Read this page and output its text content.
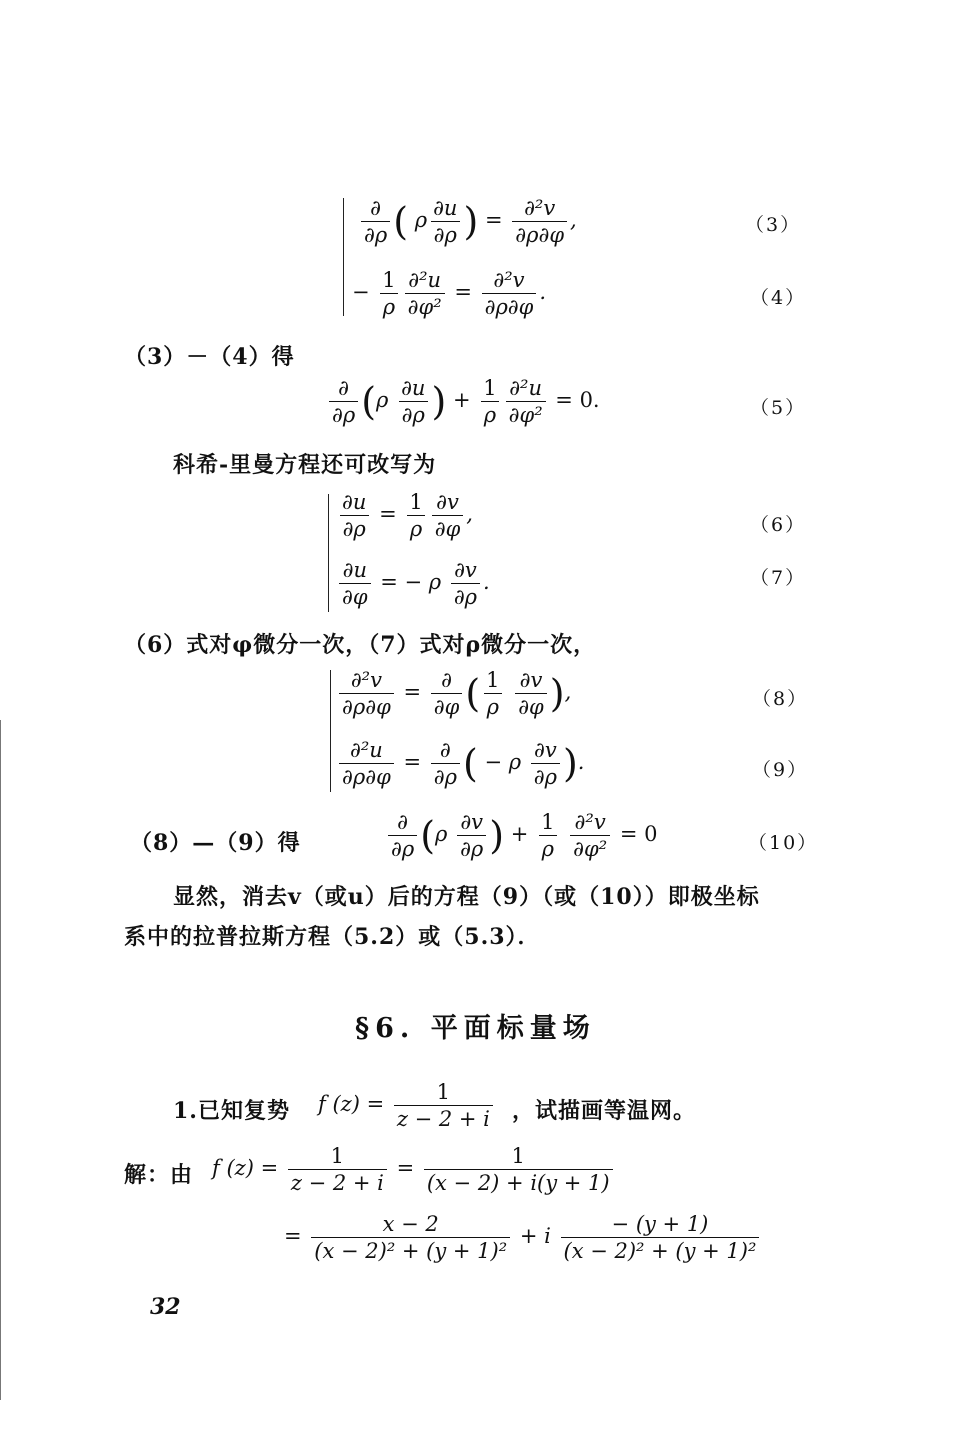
$\frac{\partial}{\partial\rho}$ ( ρ $\frac{\partial u}{\partial\rho}$ ) = $\frac{\text{∂²v}}{\partial\rho\partial\varphi}$ ,	（3）
− $\frac{1}{\rho} \frac{\text{∂²u}}{\text{∂φ²}} = \frac{\text{∂²v}}{\partial\rho\partial\varphi}$ .	（4）
（3）－（4）得
$\frac{\partial}{\partial\rho} (\rho \frac{\partial u}{\partial\rho}$ ) + $\frac{1}{\rho} \frac{\text{∂²u}}{\text{∂φ²}} = 0$.	（5）
科希-里曼方程还可改写为
$\frac{\partial u}{\partial\rho} = \frac{1}{\rho} \frac{\partial v}{\partial\varphi}$ ,	（6）
$\frac{\partial u}{\partial\varphi}$ = − ρ $\frac{\partial v}{\partial\rho}$ .	（7）
（6）式对φ微分一次，（7）式对ρ微分一次，
$\frac{\text{∂²v}}{\partial\rho\partial\varphi} = \frac{\partial}{\partial\varphi}$ ( $\frac{1}{\rho}$
$\frac{\partial v}{\partial\varphi}$ ),	（8）
$\frac{\text{∂²u}}{\partial\rho\partial\varphi} = \frac{\partial}{\partial\rho}$ ( − ρ $\frac{\partial v}{\partial\rho}$ ).	（9）
（8）—（9）得	$\frac{\partial}{\partial\rho} (\rho \frac{\partial v}{\partial\rho}$ ) + $\frac{1}{\rho}$
$\frac{\text{∂²v}}{\text{∂φ²}} = 0$	（10）
显然，消去v（或u）后的方程（9）（或（10））即极坐标
系中的拉普拉斯方程（5.2）或（5.3）．
§6. 平面标量场
1.已知复势 f $(z) = \frac{1}{z - 2 + i}$ ，试描画等温网。
解：由 f $(z) = \frac{1}{z - 2 + i} = \frac{1}{(x - 2) + i(y + 1)}$
= $\frac{x - 2}{\text{(x − 2)² + (y + 1)²}} + i \frac{- (y + 1)}{\text{(x − 2)² + (y + 1)²}}$
32
